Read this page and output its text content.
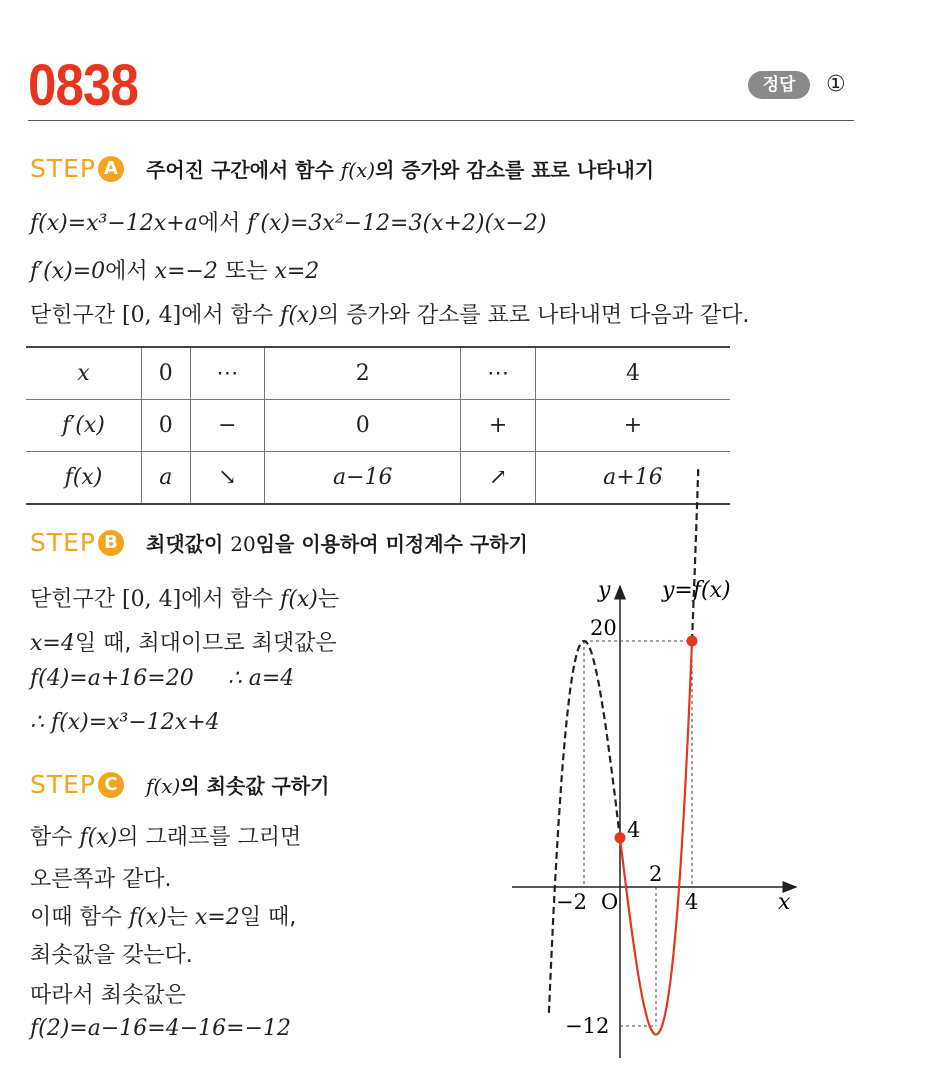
0838	정답	①
STEP A	주어진 구간에서 함수 f(x)의 증가와 감소를 표로 나타내기
f(x)=x³−12x+a에서 f′(x)=3x²−12=3(x+2)(x−2)
f′(x)=0에서 x=−2 또는 x=2
닫힌구간 [0, 4]에서 함수 f(x)의 증가와 감소를 표로 나타내면 다음과 같다.
x	0	⋯	2	⋯	4
f′(x)	0	−	0	+	+
f(x)	a	↘	a−16	↗	a+16
STEP B	최댓값이 20임을 이용하여 미정계수 구하기
닫힌구간 [0, 4]에서 함수 f(x)는
x=4일 때, 최대이므로 최댓값은
f(4)=a+16=20 ∴ a=4
∴ f(x)=x³−12x+4
STEP C	f(x)의 최솟값 구하기
함수 f(x)의 그래프를 그리면
오른쪽과 같다.
이때 함수 f(x)는 x=2일 때,
최솟값을 갖는다.
따라서 최솟값은
f(2)=a−16=4−16=−12
y y=f(x)
x
O
−2
2
4
20
4
−12
